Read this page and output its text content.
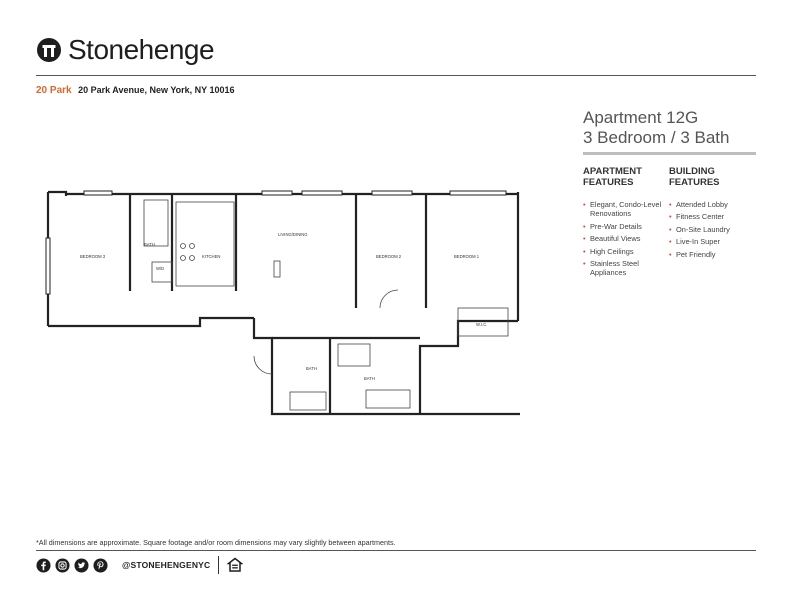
Stonehenge
20 Park 20 Park Avenue, New York, NY 10016
Apartment 12G
3 Bedroom / 3 Bath
APARTMENT
FEATURES
BUILDING
FEATURES
• Elegant, Condo-Level Renovations
• Pre-War Details
• Beautiful Views
• High Ceilings
• Stainless Steel Appliances
• Attended Lobby
• Fitness Center
• On-Site Laundry
• Live-In Super
• Pet Friendly
BEDROOM 3
BATH
W/D
KITCHEN
LIVING/DINING
BEDROOM 2	BEDROOM 1
W.I.C.
BATH
BATH
*All dimensions are approximate. Square footage and/or room dimensions may vary slightly between apartments.
@STONEHENGENYC
